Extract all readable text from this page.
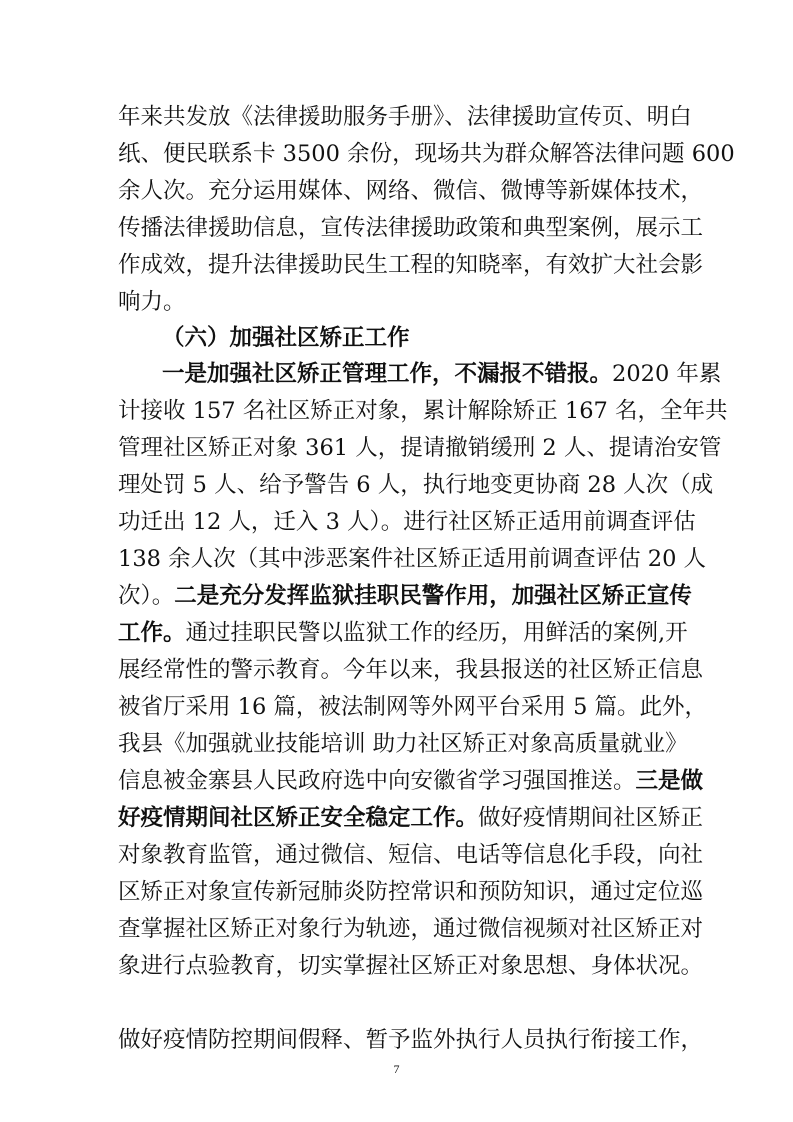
年来共发放《法律援助服务手册》、法律援助宣传页、明白
纸、便民联系卡 3500 余份，现场共为群众解答法律问题 600
余人次。充分运用媒体、网络、微信、微博等新媒体技术，
传播法律援助信息，宣传法律援助政策和典型案例，展示工
作成效，提升法律援助民生工程的知晓率，有效扩大社会影
响力。
（六）加强社区矫正工作
一是加强社区矫正管理工作，不漏报不错报。2020 年累
计接收 157 名社区矫正对象，累计解除矫正 167 名，全年共
管理社区矫正对象 361 人，提请撤销缓刑 2 人、提请治安管
理处罚 5 人、给予警告 6 人，执行地变更协商 28 人次（成
功迁出 12 人，迁入 3 人）。进行社区矫正适用前调查评估
138 余人次（其中涉恶案件社区矫正适用前调查评估 20 人
次）。二是充分发挥监狱挂职民警作用，加强社区矫正宣传
工作。通过挂职民警以监狱工作的经历，用鲜活的案例,开
展经常性的警示教育。今年以来，我县报送的社区矫正信息
被省厅采用 16 篇，被法制网等外网平台采用 5 篇。此外，
我县《加强就业技能培训 助力社区矫正对象高质量就业》
信息被金寨县人民政府选中向安徽省学习强国推送。三是做
好疫情期间社区矫正安全稳定工作。做好疫情期间社区矫正
对象教育监管，通过微信、短信、电话等信息化手段，向社
区矫正对象宣传新冠肺炎防控常识和预防知识，通过定位巡
查掌握社区矫正对象行为轨迹，通过微信视频对社区矫正对
象进行点验教育，切实掌握社区矫正对象思想、身体状况。
7
做好疫情防控期间假释、暂予监外执行人员执行衔接工作，
